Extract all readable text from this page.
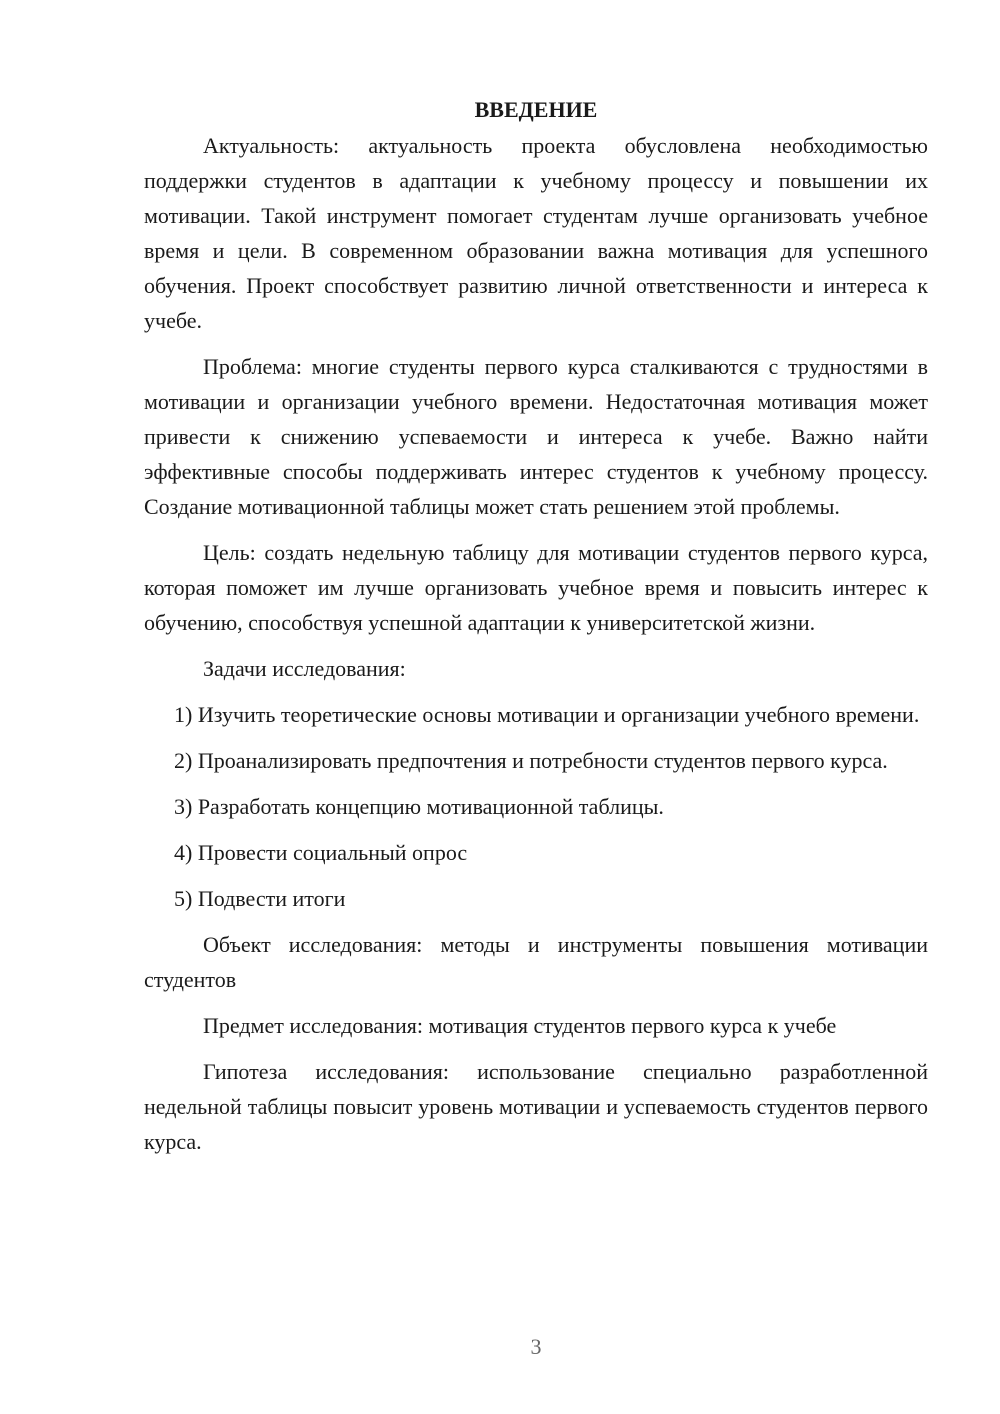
ВВЕДЕНИЕ

Актуальность: актуальность проекта обусловлена необходимостью поддержки студентов в адаптации к учебному процессу и повышении их мотивации. Такой инструмент помогает студентам лучше организовать учебное время и цели. В современном образовании важна мотивация для успешного обучения. Проект способствует развитию личной ответственности и интереса к учебе.

Проблема: многие студенты первого курса сталкиваются с трудностями в мотивации и организации учебного времени. Недостаточная мотивация может привести к снижению успеваемости и интереса к учебе. Важно найти эффективные способы поддерживать интерес студентов к учебному процессу. Создание мотивационной таблицы может стать решением этой проблемы.

Цель: создать недельную таблицу для мотивации студентов первого курса, которая поможет им лучше организовать учебное время и повысить интерес к обучению, способствуя успешной адаптации к университетской жизни.

Задачи исследования:

1) Изучить теоретические основы мотивации и организации учебного времени.

2) Проанализировать предпочтения и потребности студентов первого курса.

3) Разработать концепцию мотивационной таблицы.

4) Провести социальный опрос

5) Подвести итоги

Объект исследования: методы и инструменты повышения мотивации студентов

Предмет исследования: мотивация студентов первого курса к учебе

Гипотеза исследования: использование специально разработленной недельной таблицы повысит уровень мотивации и успеваемость студентов первого курса.

3
